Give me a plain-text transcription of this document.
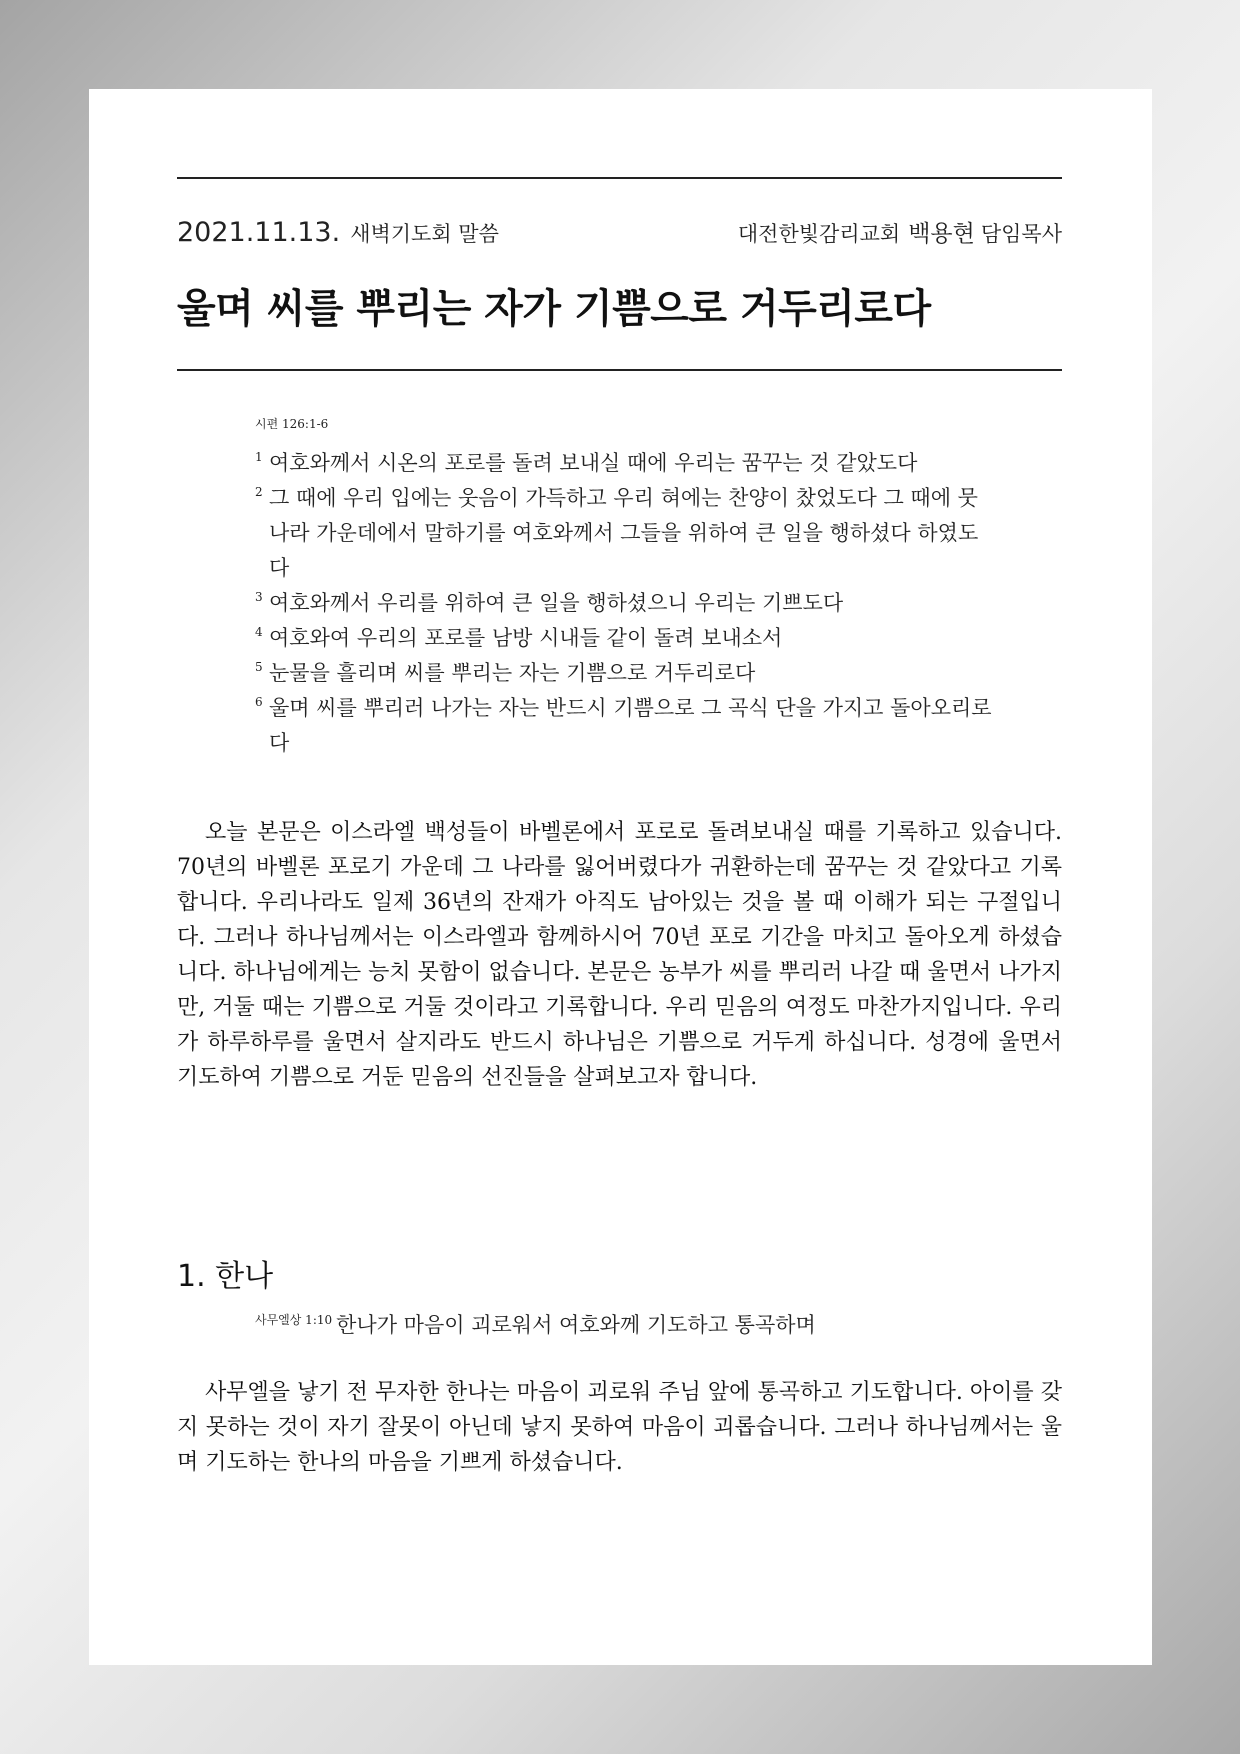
2021.11.13. 새벽기도회 말씀	대전한빛감리교회 백용현 담임목사
울며 씨를 뿌리는 자가 기쁨으로 거두리로다
시편 126:1-6

1 여호와께서 시온의 포로를 돌려 보내실 때에 우리는 꿈꾸는 것 같았도다

2 그 때에 우리 입에는 웃음이 가득하고 우리 혀에는 찬양이 찼었도다 그 때에 뭇 나라 가운데에서 말하기를 여호와께서 그들을 위하여 큰 일을 행하셨다 하였도다

3 여호와께서 우리를 위하여 큰 일을 행하셨으니 우리는 기쁘도다

4 여호와여 우리의 포로를 남방 시내들 같이 돌려 보내소서

5 눈물을 흘리며 씨를 뿌리는 자는 기쁨으로 거두리로다

6 울며 씨를 뿌리러 나가는 자는 반드시 기쁨으로 그 곡식 단을 가지고 돌아오리로다

오늘 본문은 이스라엘 백성들이 바벨론에서 포로로 돌려보내실 때를 기록하고 있습니다. 70년의 바벨론 포로기 가운데 그 나라를 잃어버렸다가 귀환하는데 꿈꾸는 것 같았다고 기록합니다. 우리나라도 일제 36년의 잔재가 아직도 남아있는 것을 볼 때 이해가 되는 구절입니다. 그러나 하나님께서는 이스라엘과 함께하시어 70년 포로 기간을 마치고 돌아오게 하셨습니다. 하나님에게는 능치 못함이 없습니다. 본문은 농부가 씨를 뿌리러 나갈 때 울면서 나가지만, 거둘 때는 기쁨으로 거둘 것이라고 기록합니다. 우리 믿음의 여정도 마찬가지입니다. 우리가 하루하루를 울면서 살지라도 반드시 하나님은 기쁨으로 거두게 하십니다. 성경에 울면서 기도하여 기쁨으로 거둔 믿음의 선진들을 살펴보고자 합니다.

1. 한나
$^{사무엘상 1:10}$ 한나가 마음이 괴로워서 여호와께 기도하고 통곡하며

사무엘을 낳기 전 무자한 한나는 마음이 괴로워 주님 앞에 통곡하고 기도합니다. 아이를 갖지 못하는 것이 자기 잘못이 아닌데 낳지 못하여 마음이 괴롭습니다. 그러나 하나님께서는 울며 기도하는 한나의 마음을 기쁘게 하셨습니다.
